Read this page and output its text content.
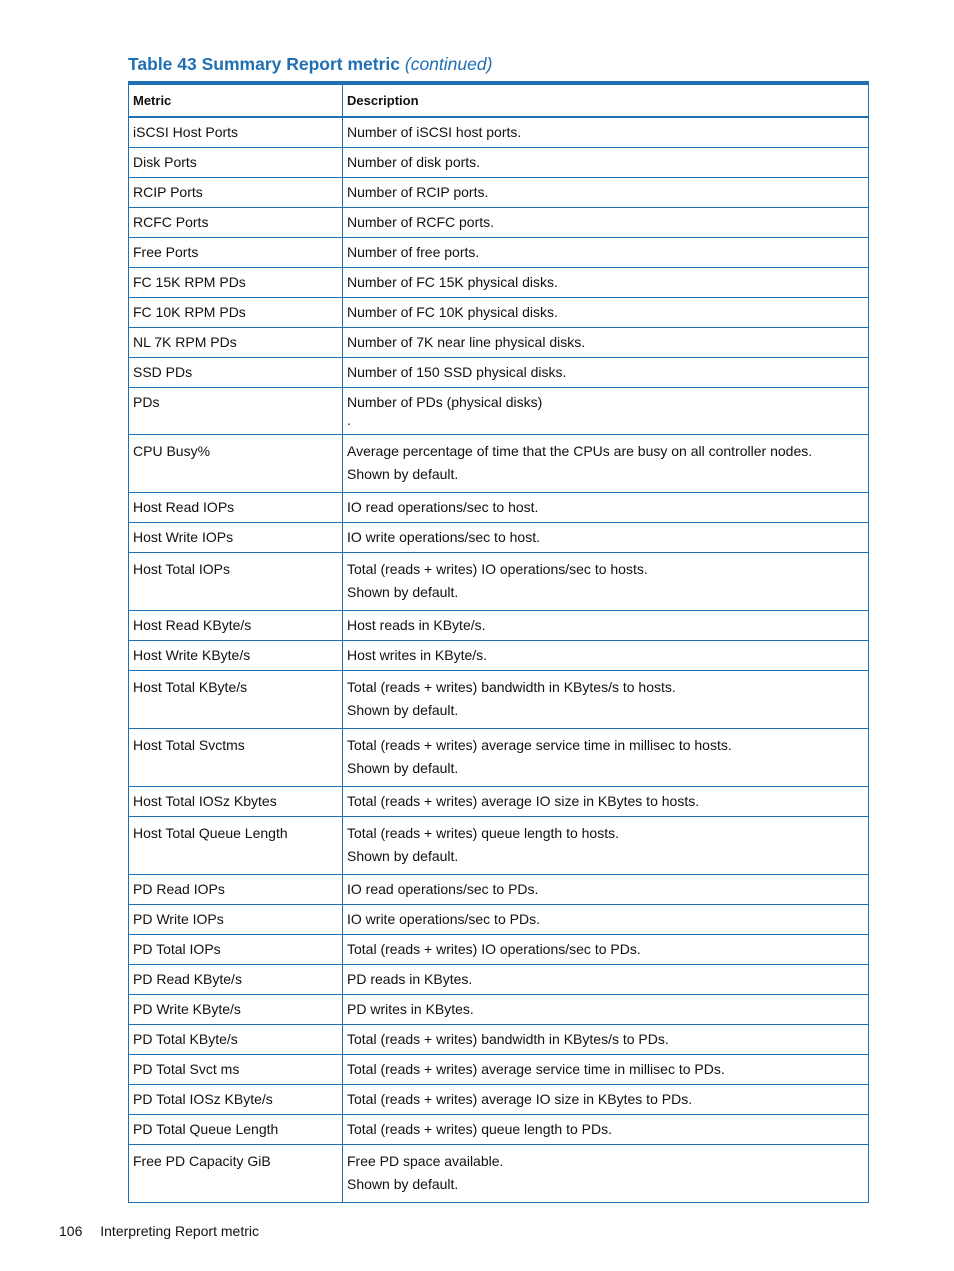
Table 43 Summary Report metric (continued)
Metric	Description
iSCSI Host Ports	Number of iSCSI host ports.

Disk Ports	Number of disk ports.

RCIP Ports	Number of RCIP ports.

RCFC Ports	Number of RCFC ports.

Free Ports	Number of free ports.

FC 15K RPM PDs	Number of FC 15K physical disks.

FC 10K RPM PDs	Number of FC 10K physical disks.

NL 7K RPM PDs	Number of 7K near line physical disks.

SSD PDs	Number of 150 SSD physical disks.

PDs	Number of PDs (physical disks)
.

CPU Busy%	Average percentage of time that the CPUs are busy on all controller nodes.
Shown by default.

Host Read IOPs	IO read operations/sec to host.

Host Write IOPs	IO write operations/sec to host.

Host Total IOPs	Total (reads + writes) IO operations/sec to hosts.
Shown by default.

Host Read KByte/s	Host reads in KByte/s.

Host Write KByte/s	Host writes in KByte/s.

Host Total KByte/s	Total (reads + writes) bandwidth in KBytes/s to hosts.
Shown by default.

Host Total Svctms	Total (reads + writes) average service time in millisec to hosts.
Shown by default.

Host Total IOSz Kbytes	Total (reads + writes) average IO size in KBytes to hosts.

Host Total Queue Length	Total (reads + writes) queue length to hosts.
Shown by default.

PD Read IOPs	IO read operations/sec to PDs.

PD Write IOPs	IO write operations/sec to PDs.

PD Total IOPs	Total (reads + writes) IO operations/sec to PDs.

PD Read KByte/s	PD reads in KBytes.

PD Write KByte/s	PD writes in KBytes.

PD Total KByte/s	Total (reads + writes) bandwidth in KBytes/s to PDs.

PD Total Svct ms	Total (reads + writes) average service time in millisec to PDs.

PD Total IOSz KByte/s	Total (reads + writes) average IO size in KBytes to PDs.

PD Total Queue Length	Total (reads + writes) queue length to PDs.

Free PD Capacity GiB	Free PD space available.
Shown by default.
106 Interpreting Report metric
